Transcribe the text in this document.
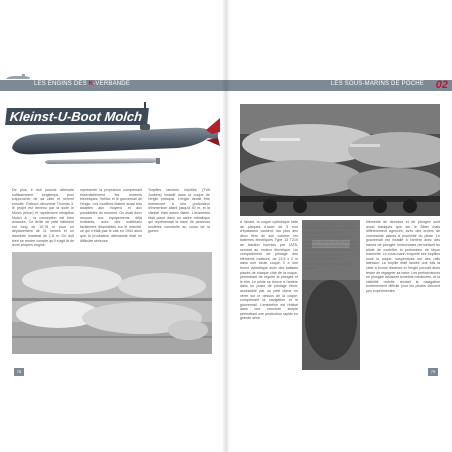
LES ENGINS DES K-VERBÄNDE
Kleinst-U-Boot Molch
De plus, il doit pouvoir atteindre suffisamment longtemps pour s'approcher de sa cible et revenir ensuite. D'abord dénommé Thomas 3, le projet est devenu par la suite le Molch (triton) et rapidement rebaptisé Molch A ; la conception est bien avancée. Ce drôle de petit bâtiment est long de 10,78 m pour un déplacement de 11 tonnes et un diamètre maximal de 1,8 m. On doit bien se rendre compte qu'il s'agit là de leurs propres engins.
représente la propulsion comprenant essentiellement les moteurs électriques, l'hélice et le gouvernail de l'engin. Les modèles étaient aussi très adaptés aux moyens et aux possibilités du moment. On avait donc recours aux équipements déjà existants, avec des matériaux facilement disponibles sur le marché, ce qui n'était pas le cas en 1944 alors que la production allemande était en difficulté sérieuse.
Torpilles lancées torpilles (TVA Junkers) installé dans la coque de l'engin principal. L'engin devait être manœuvré à une profondeur d'immersion allant jusqu'à 40 m, et la vitesse était assez faible. L'ensemble était placé dans un cadre métallique qui représentait la base de plusieurs modèles construits au cours de la guerre.
78
LES SOUS-MARINS DE POCHE 02
A l'avant, la coque cylindrique faite de plaques d'acier de 5 mm d'épaisseur contient, sur plus des deux tiers de son volume, les batteries électriques Type 13 T210 de traction fournies par l'AFA, servant au moteur électrique. Un compartiment de pilotage des éléments moteurs, de 13,5 x 2 m dans une seule coque. Il a une forme cylindrique avec des ballasts placés de chaque côté de la coque, permettant de réguler la plongée et le trim. Le pilote se trouve à l'arrière dans un poste de pilotage étroit, accessible par un petit dôme en verre sur le dessus de la coque, comprenant la navigation et le gouvernail. L'ensemble est réalisé dans une structure simple permettant une production rapide en grande série.
▲ A l'issue de la capture, les Molch furent rassemblés par les Alliés en Italie et aux Pays-Bas. De nombreuses unités furent ainsi capturées intactes par les troupes britanniques et américaines, qui les étudièrent en détail dans les mois qui suivirent la fin du conflit. Certains exemplaires sont aujourd'hui conservés dans des musées.
éléments de direction et de plongée sont aussi basiques que sur le Biber mais différemment agencés, avec des leviers de commande placés à proximité du pilote. Le gouvernail est installé à l'arrière avec des barres de plongée horizontales permettant au pilote de contrôler la profondeur de façon manuelle. Le sous-marin emporte ses torpilles sous la coque, suspendues sur des rails latéraux. La torpille était lancée une fois la cible à bonne distance et l'engin pouvait alors tenter de regagner sa base. Les performances en plongée restaient toutefois médiocres, et la visibilité réduite rendait la navigation extrêmement difficile pour les pilotes souvent peu expérimentés.
79
